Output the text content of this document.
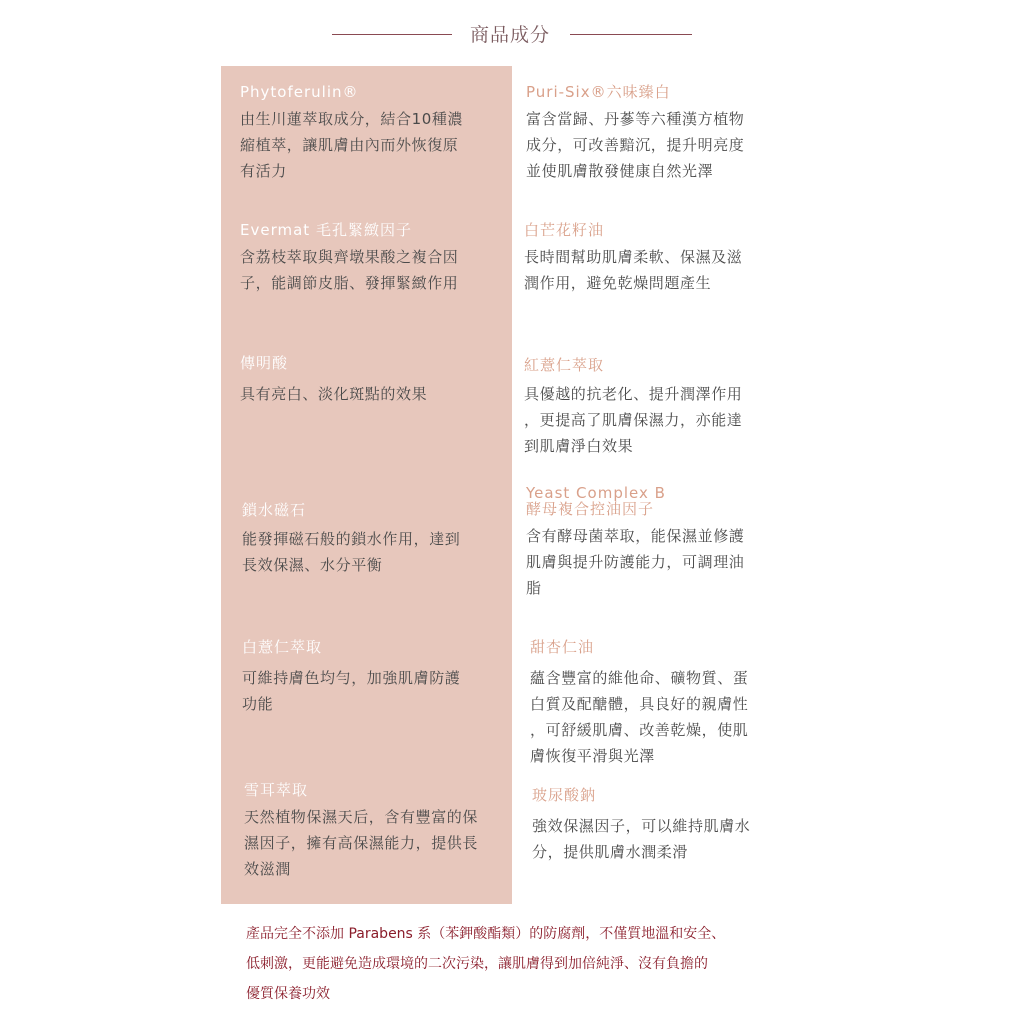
商品成分
Phytoferulin®
由生川蓮萃取成分，結合10種濃
縮植萃，讓肌膚由內而外恢復原
有活力
Evermat 毛孔緊緻因子
含荔枝萃取與齊墩果酸之複合因
子，能調節皮脂、發揮緊緻作用
傳明酸
具有亮白、淡化斑點的效果
鎖水磁石
能發揮磁石般的鎖水作用，達到
長效保濕、水分平衡
白薏仁萃取
可維持膚色均勻，加強肌膚防護
功能
雪耳萃取
天然植物保濕天后，含有豐富的保
濕因子，擁有高保濕能力，提供長
效滋潤
Puri-Six®六味臻白
富含當歸、丹蔘等六種漢方植物
成分，可改善黯沉，提升明亮度
並使肌膚散發健康自然光澤
白芒花籽油
長時間幫助肌膚柔軟、保濕及滋
潤作用，避免乾燥問題產生
紅薏仁萃取
具優越的抗老化、提升潤澤作用
，更提高了肌膚保濕力，亦能達
到肌膚淨白效果
Yeast Complex B
酵母複合控油因子
含有酵母菌萃取，能保濕並修護
肌膚與提升防護能力，可調理油
脂
甜杏仁油
蘊含豐富的維他命、礦物質、蛋
白質及配醣體，具良好的親膚性
，可舒緩肌膚、改善乾燥，使肌
膚恢復平滑與光澤
玻尿酸鈉
強效保濕因子，可以維持肌膚水
分，提供肌膚水潤柔滑
產品完全不添加 Parabens 系（苯鉀酸酯類）的防腐劑，不僅質地溫和安全、
低刺激，更能避免造成環境的二次污染，讓肌膚得到加倍純淨、沒有負擔的
優質保養功效
